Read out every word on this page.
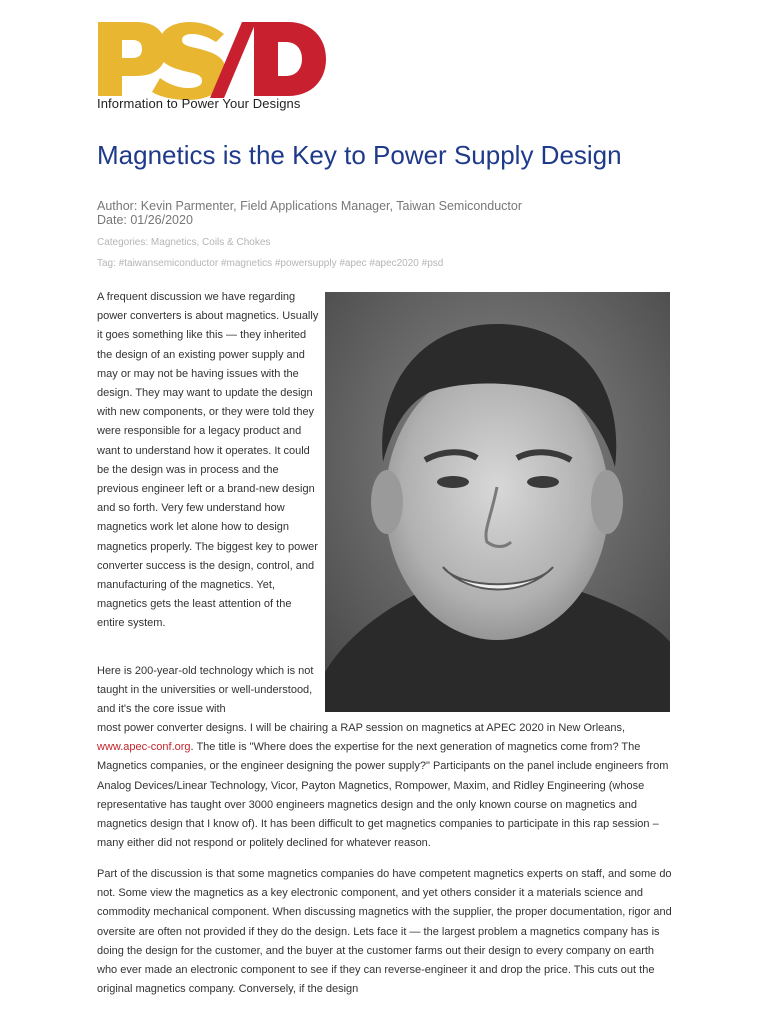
Information to Power Your Designs
Magnetics is the Key to Power Supply Design
Author: Kevin Parmenter, Field Applications Manager, Taiwan Semiconductor
Date: 01/26/2020
Categories: Magnetics, Coils & Chokes
Tag: #taiwansemiconductor #magnetics #powersupply #apec #apec2020 #psd

A frequent discussion we have regarding power converters is about magnetics. Usually it goes something like this — they inherited the design of an existing power supply and may or may not be having issues with the design. They may want to update the design with new components, or they were told they were responsible for a legacy product and want to understand how it operates. It could be the design was in process and the previous engineer left or a brand-new design and so forth. Very few understand how magnetics work let alone how to design magnetics properly. The biggest key to power converter success is the design, control, and manufacturing of the magnetics. Yet, magnetics gets the least attention of the entire system.

Here is 200-year-old technology which is not taught in the universities or well-understood, and it's the core issue with

most power converter designs. I will be chairing a RAP session on magnetics at APEC 2020 in New Orleans, www.apec-conf.org. The title is "Where does the expertise for the next generation of magnetics come from? The Magnetics companies, or the engineer designing the power supply?" Participants on the panel include engineers from Analog Devices/Linear Technology, Vicor, Payton Magnetics, Rompower, Maxim, and Ridley Engineering (whose representative has taught over 3000 engineers magnetics design and the only known course on magnetics and magnetics design that I know of). It has been difficult to get magnetics companies to participate in this rap session – many either did not respond or politely declined for whatever reason.

Part of the discussion is that some magnetics companies do have competent magnetics experts on staff, and some do not. Some view the magnetics as a key electronic component, and yet others consider it a materials science and commodity mechanical component. When discussing magnetics with the supplier, the proper documentation, rigor and oversite are often not provided if they do the design. Lets face it — the largest problem a magnetics company has is doing the design for the customer, and the buyer at the customer farms out their design to every company on earth who ever made an electronic component to see if they can reverse-engineer it and drop the price. This cuts out the original magnetics company. Conversely, if the design
